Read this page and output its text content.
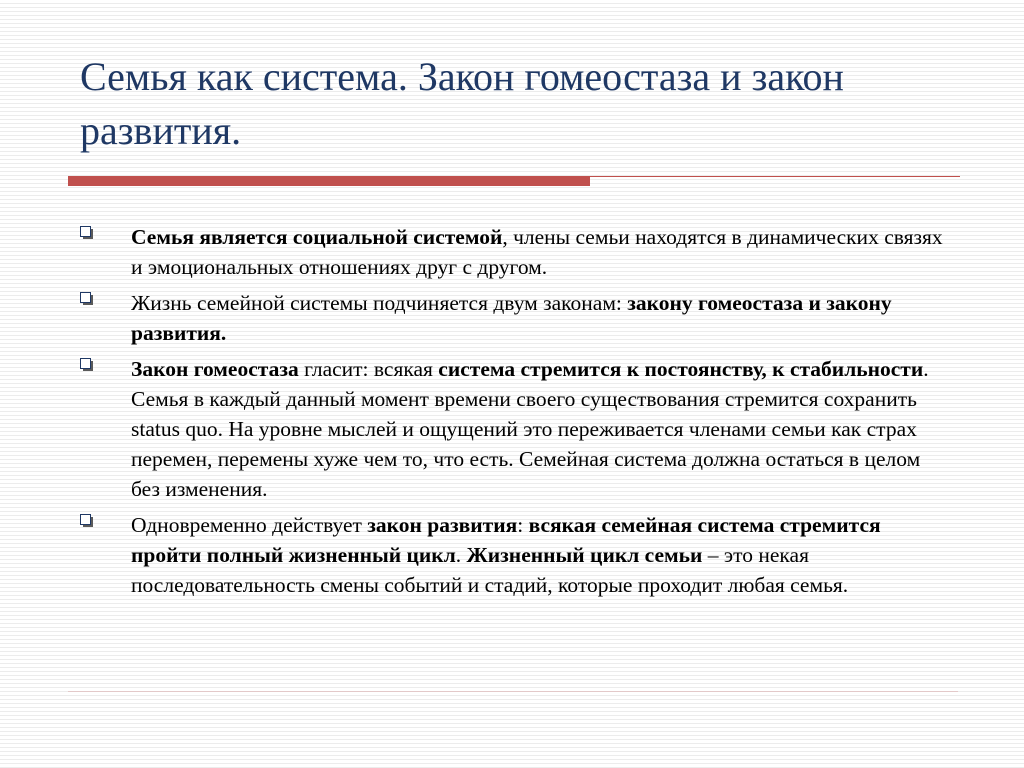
Семья как система. Закон гомеостаза и закон развития.
Семья является социальной системой, члены семьи находятся в динамических связях и эмоциональных отношениях друг с другом.
Жизнь семейной системы подчиняется двум законам: закону гомеостаза и закону развития.
Закон гомеостаза гласит: всякая система стремится к постоянству, к стабильности. Семья в каждый данный момент времени своего существования стремится сохранить status quo. На уровне мыслей и ощущений это переживается членами семьи как страх перемен, перемены хуже чем то, что есть. Семейная система должна остаться в целом без изменения.
Одновременно действует закон развития: всякая семейная система стремится пройти полный жизненный цикл. Жизненный цикл семьи – это некая последовательность смены событий и стадий, которые проходит любая семья.
